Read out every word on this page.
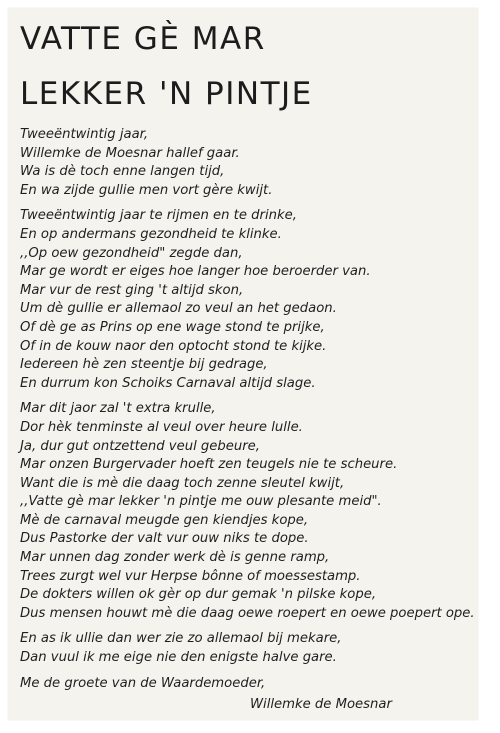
VATTE GÈ MAR
LEKKER 'N PINTJE
Tweeëntwintig jaar,
Willemke de Moesnar hallef gaar.
Wa is dè toch enne langen tijd,
En wa zijde gullie men vort gère kwijt.
Tweeëntwintig jaar te rijmen en te drinke,
En op andermans gezondheid te klinke.
,,Op oew gezondheid" zegde dan,
Mar ge wordt er eiges hoe langer hoe beroerder van.
Mar vur de rest ging 't altijd skon,
Um dè gullie er allemaol zo veul an het gedaon.
Of dè ge as Prins op ene wage stond te prijke,
Of in de kouw naor den optocht stond te kijke.
Iedereen hè zen steentje bij gedrage,
En durrum kon Schoiks Carnaval altijd slage.
Mar dit jaor zal 't extra krulle,
Dor hèk tenminste al veul over heure lulle.
Ja, dur gut ontzettend veul gebeure,
Mar onzen Burgervader hoeft zen teugels nie te scheure.
Want die is mè die daag toch zenne sleutel kwijt,
,,Vatte gè mar lekker 'n pintje me ouw plesante meid".
Mè de carnaval meugde gen kiendjes kope,
Dus Pastorke der valt vur ouw niks te dope.
Mar unnen dag zonder werk dè is genne ramp,
Trees zurgt wel vur Herpse bônne of moessestamp.
De dokters willen ok gèr op dur gemak 'n pilske kope,
Dus mensen houwt mè die daag oewe roepert en oewe poepert ope.
En as ik ullie dan wer zie zo allemaol bij mekare,
Dan vuul ik me eige nie den enigste halve gare.
Me de groete van de Waardemoeder,
Willemke de Moesnar
